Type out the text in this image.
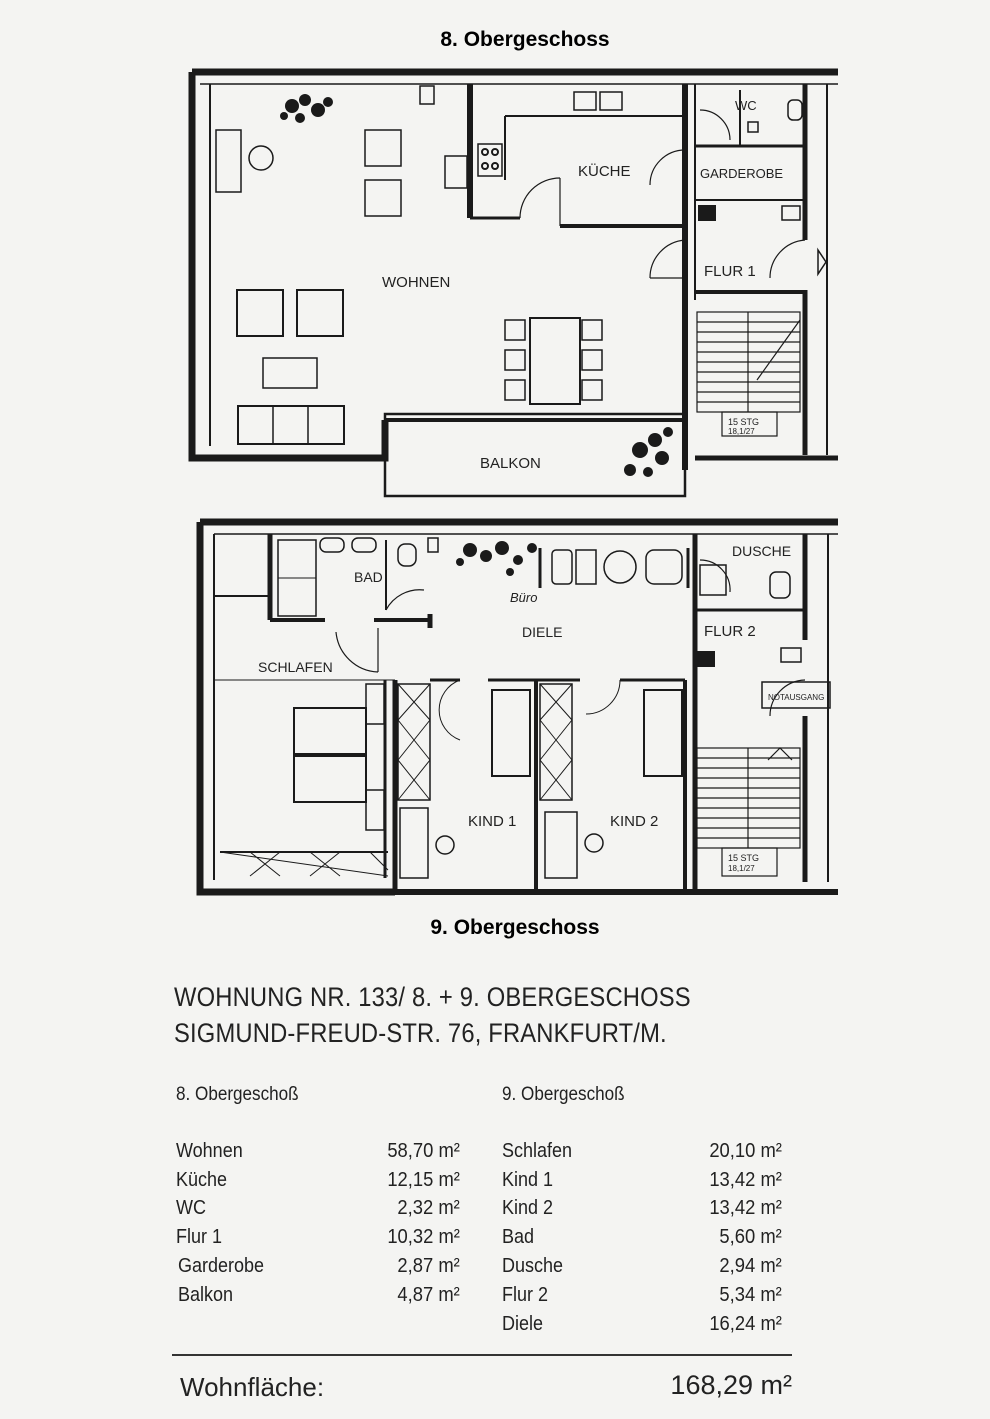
8. Obergeschoss
9. Obergeschoss
WOHNEN
KÜCHE
WC
GARDEROBE
FLUR 1
BALKON
15 STG
18,1/27
BAD
Büro
DIELE
DUSCHE
FLUR 2
NOTAUSGANG
SCHLAFEN
KIND 1	KIND 2
15 STG
18,1/27
WOHNUNG NR. 133/ 8. + 9. OBERGESCHOSS
SIGMUND-FREUD-STR. 76, FRANKFURT/M.
8. Obergeschoß	9. Obergeschoß
Wohnen	58,70 m²
Küche	12,15 m²
WC	2,32 m²
Flur 1	10,32 m²
Garderobe	2,87 m²
Balkon	4,87 m²
Schlafen	20,10 m²
Kind 1	13,42 m²
Kind 2	13,42 m²
Bad	5,60 m²
Dusche	2,94 m²
Flur 2	5,34 m²
Diele	16,24 m²
Wohnfläche:	168,29 m²
